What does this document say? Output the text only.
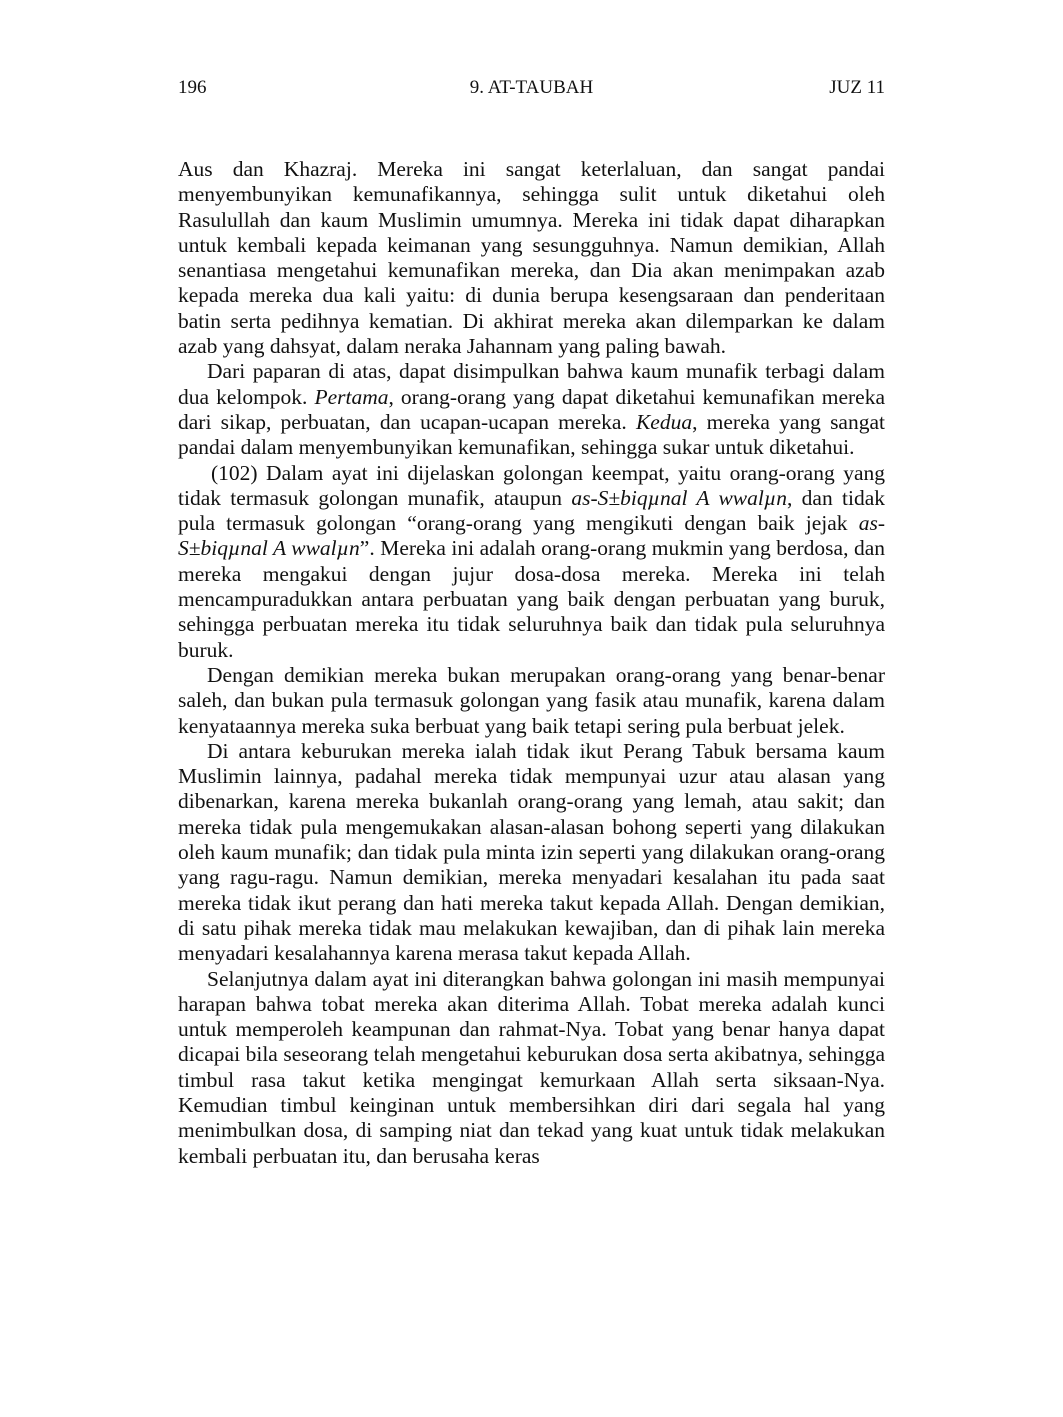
196	9. AT-TAUBAH	JUZ 11

Aus dan Khazraj. Mereka ini sangat keterlaluan, dan sangat pandai menyembunyikan kemunafikannya, sehingga sulit untuk diketahui oleh Rasulullah dan kaum Muslimin umumnya. Mereka ini tidak dapat diharapkan untuk kembali kepada keimanan yang sesungguhnya. Namun demikian, Allah senantiasa mengetahui kemunafikan mereka, dan Dia akan menimpakan azab kepada mereka dua kali yaitu: di dunia berupa kesengsaraan dan penderitaan batin serta pedihnya kematian. Di akhirat mereka akan dilemparkan ke dalam azab yang dahsyat, dalam neraka Jahannam yang paling bawah.

Dari paparan di atas, dapat disimpulkan bahwa kaum munafik terbagi dalam dua kelompok. Pertama, orang-orang yang dapat diketahui kemunafikan mereka dari sikap, perbuatan, dan ucapan-ucapan mereka. Kedua, mereka yang sangat pandai dalam menyembunyikan kemunafikan, sehingga sukar untuk diketahui.

(102) Dalam ayat ini dijelaskan golongan keempat, yaitu orang-orang yang tidak termasuk golongan munafik, ataupun as-S±biqµnal A wwalµn, dan tidak pula termasuk golongan “orang-orang yang mengikuti dengan baik jejak as-S±biqµnal A wwalµn”. Mereka ini adalah orang-orang mukmin yang berdosa, dan mereka mengakui dengan jujur dosa-dosa mereka. Mereka ini telah mencampuradukkan antara perbuatan yang baik dengan perbuatan yang buruk, sehingga perbuatan mereka itu tidak seluruhnya baik dan tidak pula seluruhnya buruk.

Dengan demikian mereka bukan merupakan orang-orang yang benar-benar saleh, dan bukan pula termasuk golongan yang fasik atau munafik, karena dalam kenyataannya mereka suka berbuat yang baik tetapi sering pula berbuat jelek.

Di antara keburukan mereka ialah tidak ikut Perang Tabuk bersama kaum Muslimin lainnya, padahal mereka tidak mempunyai uzur atau alasan yang dibenarkan, karena mereka bukanlah orang-orang yang lemah, atau sakit; dan mereka tidak pula mengemukakan alasan-alasan bohong seperti yang dilakukan oleh kaum munafik; dan tidak pula minta izin seperti yang dilakukan orang-orang yang ragu-ragu. Namun demikian, mereka menyadari kesalahan itu pada saat mereka tidak ikut perang dan hati mereka takut kepada Allah. Dengan demikian, di satu pihak mereka tidak mau melakukan kewajiban, dan di pihak lain mereka menyadari kesalahannya karena merasa takut kepada Allah.

Selanjutnya dalam ayat ini diterangkan bahwa golongan ini masih mempunyai harapan bahwa tobat mereka akan diterima Allah. Tobat mereka adalah kunci untuk memperoleh keampunan dan rahmat-Nya. Tobat yang benar hanya dapat dicapai bila seseorang telah mengetahui keburukan dosa serta akibatnya, sehingga timbul rasa takut ketika mengingat kemurkaan Allah serta siksaan-Nya. Kemudian timbul keinginan untuk membersihkan diri dari segala hal yang menimbulkan dosa, di samping niat dan tekad yang kuat untuk tidak melakukan kembali perbuatan itu, dan berusaha keras
